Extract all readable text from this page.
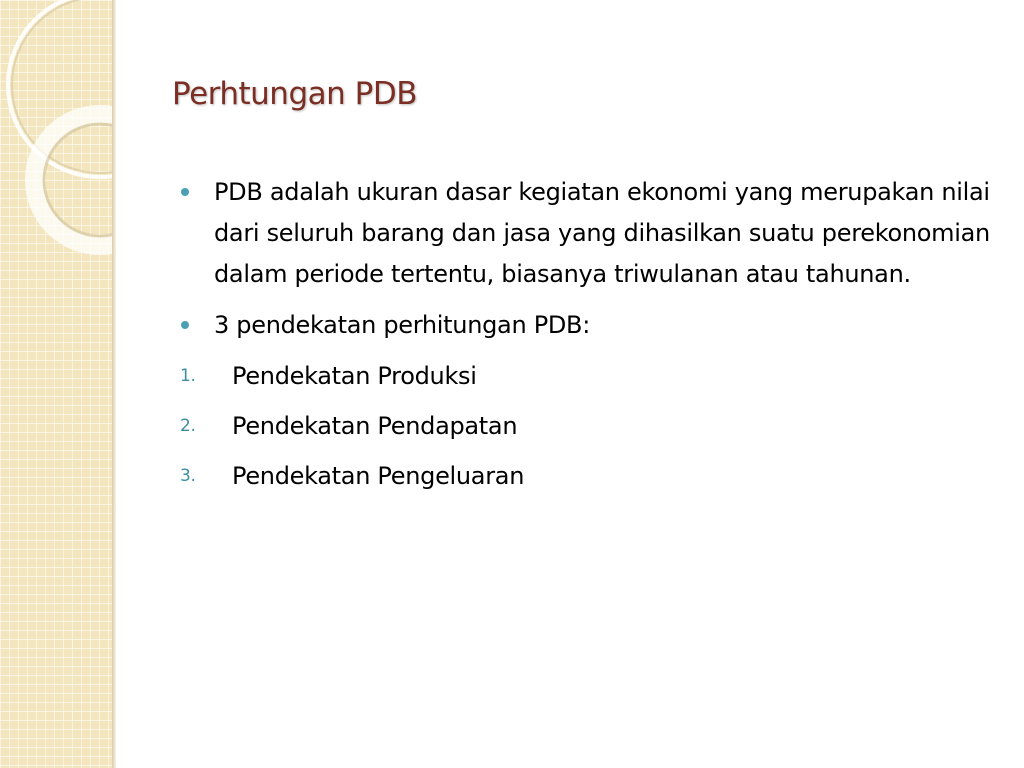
Perhtungan PDB
PDB adalah ukuran dasar kegiatan ekonomi yang merupakan nilai dari seluruh barang dan jasa yang dihasilkan suatu perekonomian dalam periode tertentu, biasanya triwulanan atau tahunan.
3 pendekatan perhitungan PDB:
1. Pendekatan Produksi
2. Pendekatan Pendapatan
3. Pendekatan Pengeluaran
